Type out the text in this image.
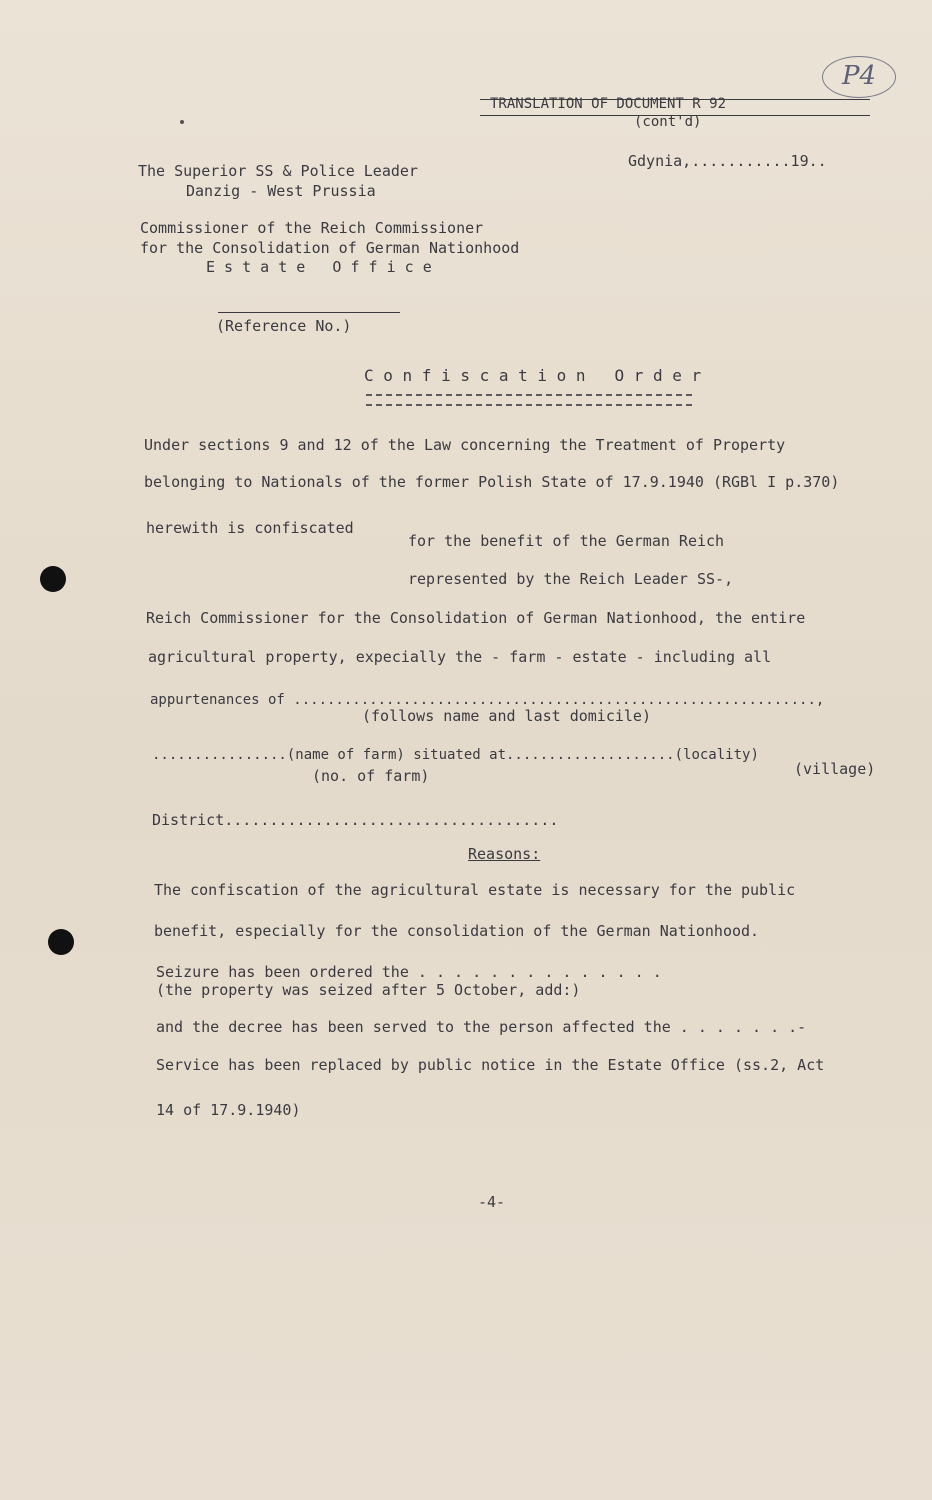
P4
TRANSLATION OF DOCUMENT R 92
(cont'd)
Gdynia,...........19..
The Superior SS & Police Leader
Danzig - West Prussia
Commissioner of the Reich Commissioner
for the Consolidation of German Nationhood
E s t a t e   O f f i c e
(Reference No.)
C o n f i s c a t i o n   O r d e r
Under sections 9 and 12 of the Law concerning the Treatment of Property
belonging to Nationals of the former Polish State of 17.9.1940 (RGBl I p.370)
herewith is confiscated
for the benefit of the German Reich
represented by the Reich Leader SS-,
Reich Commissioner for the Consolidation of German Nationhood, the entire
agricultural property, expecially the - farm - estate - including all
appurtenances of ..............................................................,
(follows name and last domicile)
................(name of farm) situated at....................(locality)
(no. of farm)	(village)
District.....................................
Reasons:
The confiscation of the agricultural estate is necessary for the public
benefit, especially for the consolidation of the German Nationhood.
Seizure has been ordered the . . . . . . . . . . . . . .
(the property was seized after 5 October, add:)
and the decree has been served to the person affected the . . . . . . .-
Service has been replaced by public notice in the Estate Office (ss.2, Act
14 of 17.9.1940)
-4-
